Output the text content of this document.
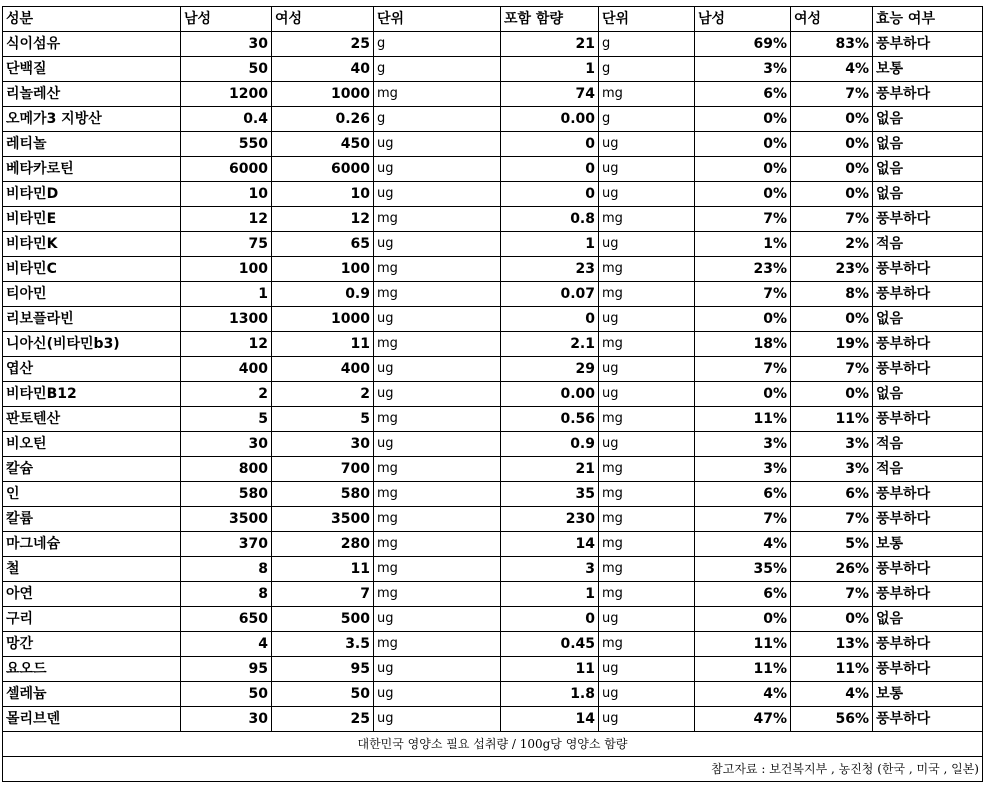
성분	남성	여성	단위	포함 함량	단위	남성	여성	효능 여부
식이섬유	30	25	g	21	g	69%	83%	풍부하다
단백질	50	40	g	1	g	3%	4%	보통
리놀레산	1200	1000	mg	74	mg	6%	7%	풍부하다
오메가3 지방산	0.4	0.26	g	0.00	g	0%	0%	없음
레티놀	550	450	ug	0	ug	0%	0%	없음
베타카로틴	6000	6000	ug	0	ug	0%	0%	없음
비타민D	10	10	ug	0	ug	0%	0%	없음
비타민E	12	12	mg	0.8	mg	7%	7%	풍부하다
비타민K	75	65	ug	1	ug	1%	2%	적음
비타민C	100	100	mg	23	mg	23%	23%	풍부하다
티아민	1	0.9	mg	0.07	mg	7%	8%	풍부하다
리보플라빈	1300	1000	ug	0	ug	0%	0%	없음
니아신(비타민b3)	12	11	mg	2.1	mg	18%	19%	풍부하다
엽산	400	400	ug	29	ug	7%	7%	풍부하다
비타민B12	2	2	ug	0.00	ug	0%	0%	없음
판토텐산	5	5	mg	0.56	mg	11%	11%	풍부하다
비오틴	30	30	ug	0.9	ug	3%	3%	적음
칼슘	800	700	mg	21	mg	3%	3%	적음
인	580	580	mg	35	mg	6%	6%	풍부하다
칼륨	3500	3500	mg	230	mg	7%	7%	풍부하다
마그네슘	370	280	mg	14	mg	4%	5%	보통
철	8	11	mg	3	mg	35%	26%	풍부하다
아연	8	7	mg	1	mg	6%	7%	풍부하다
구리	650	500	ug	0	ug	0%	0%	없음
망간	4	3.5	mg	0.45	mg	11%	13%	풍부하다
요오드	95	95	ug	11	ug	11%	11%	풍부하다
셀레늄	50	50	ug	1.8	ug	4%	4%	보통
몰리브덴	30	25	ug	14	ug	47%	56%	풍부하다
대한민국 영양소 필요 섭취량 / 100g당 영양소 함량								
참고자료 : 보건복지부 , 농진청 (한국 , 미국 , 일본)								
